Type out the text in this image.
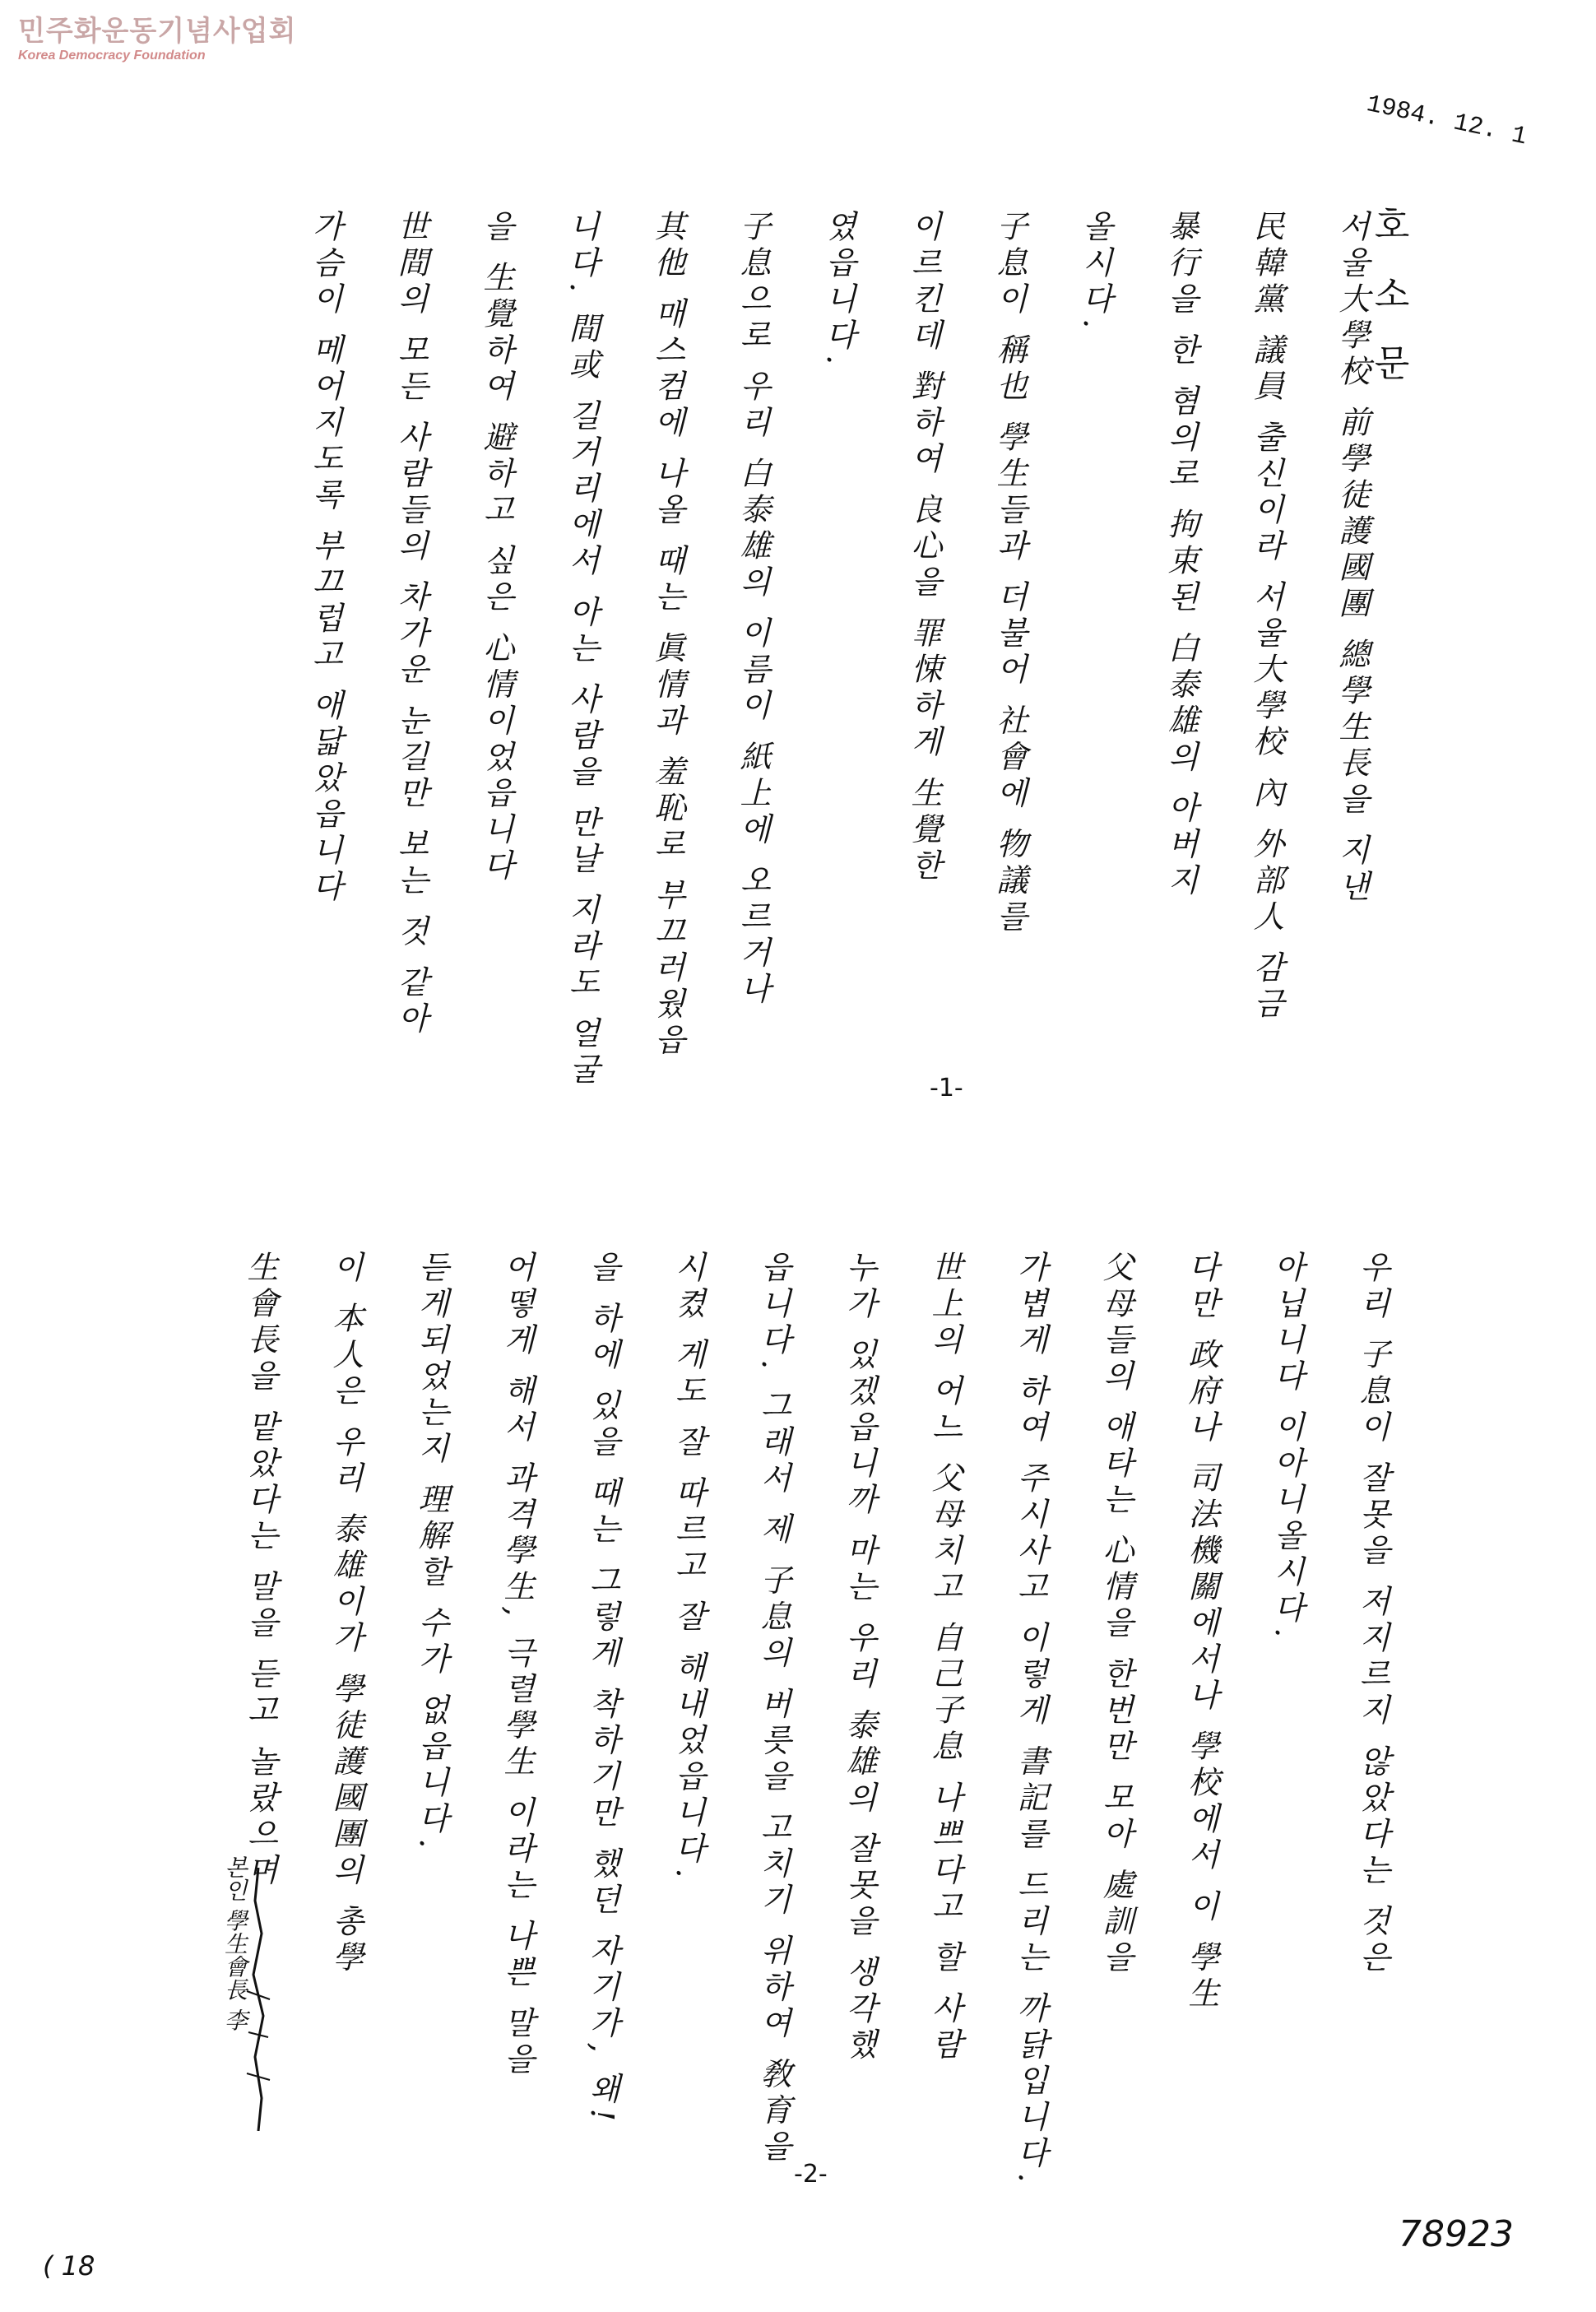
민주화운동기념사업회
Korea Democracy Foundation
1984. 12. 1
호소문
서울大學校 前學徒護國團 總學生長을 지낸
民韓黨 議員 출신이라 서울大學校 內 外部人 감금
暴行을 한 혐의로 拘束된 白泰雄의 아버지
올시다.
子息이 稱也 學生들과 더불어 社會에 物議를
이르킨데 對하여 良心을 罪悚하게 生覺한
였읍니다.
子息으로 우리 白泰雄의 이름이 紙上에 오르거나
其他 매스컴에 나올 때는 眞情과 羞恥로 부끄러웠읍
니다. 間或 길거리에서 아는 사람을 만날 지라도 얼굴
을 生覺하여 避하고 싶은 心情이었읍니다
世間의 모든 사람들의 차가운 눈길만 보는 것 같아
가슴이 메어지도록 부끄럽고 애닯았읍니다
-1-
우리 子息이 잘못을 저지르지 않았다는 것은
아닙니다 이아니올시다.
다만 政府나 司法機關에서나 學校에서 이 學生
父母들의 애타는 心情을 한번만 모아 處訓을
가볍게 하여 주시사고 이렇게 書記를 드리는 까닭입니다.
世上의 어느 父母치고 自己子息 나쁘다고 할 사람
누가 있겠읍니까 마는 우리 泰雄의 잘못을 생각했
읍니다. 그래서 제 子息의 버릇을 고치기 위하여 敎育을
시켰 게도 잘 따르고 잘 해내었읍니다.
을 하에 있을 때는 그렇게 착하기만 했던 자기가, 왜!
어떻게 해서 과격學生, 극렬學生 이라는 나쁜 말을
듣게되었는지 理解할 수가 없읍니다.
이 本人은 우리 泰雄이가 學徒護國團의 총學
生會長을 맡았다는 말을 듣고 놀랐으며
본인 學生會長 李
-2-
78923
( 18
